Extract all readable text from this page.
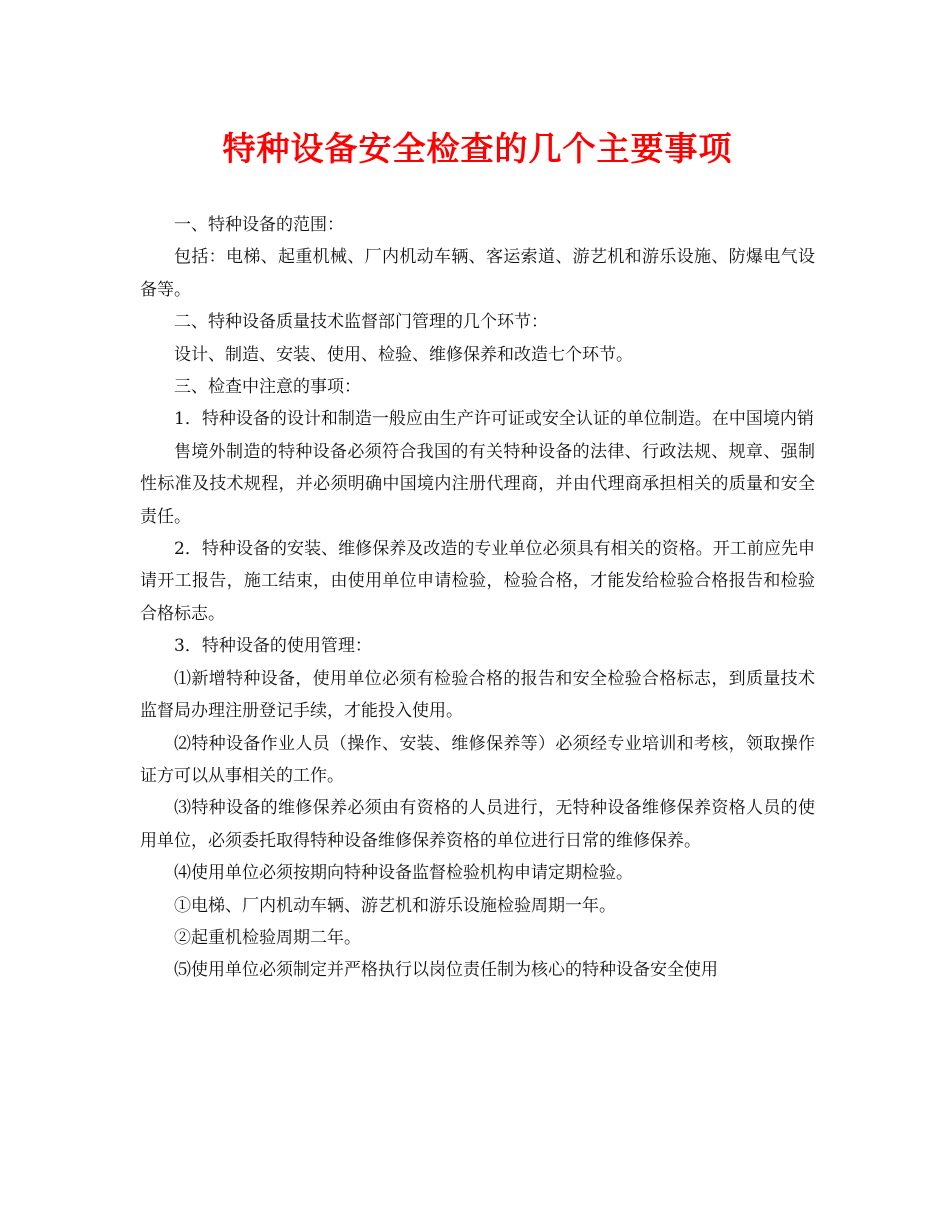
特种设备安全检查的几个主要事项

一、特种设备的范围：

包括：电梯、起重机械、厂内机动车辆、客运索道、游艺机和游乐设施、防爆电气设备等。

二、特种设备质量技术监督部门管理的几个环节：

设计、制造、安装、使用、检验、维修保养和改造七个环节。

三、检查中注意的事项：

1．特种设备的设计和制造一般应由生产许可证或安全认证的单位制造。在中国境内销

售境外制造的特种设备必须符合我国的有关特种设备的法律、行政法规、规章、强制性标准及技术规程，并必须明确中国境内注册代理商，并由代理商承担相关的质量和安全责任。

2．特种设备的安装、维修保养及改造的专业单位必须具有相关的资格。开工前应先申请开工报告，施工结束，由使用单位申请检验，检验合格，才能发给检验合格报告和检验合格标志。

3．特种设备的使用管理：

⑴新增特种设备，使用单位必须有检验合格的报告和安全检验合格标志，到质量技术监督局办理注册登记手续，才能投入使用。

⑵特种设备作业人员（操作、安装、维修保养等）必须经专业培训和考核，领取操作证方可以从事相关的工作。

⑶特种设备的维修保养必须由有资格的人员进行，无特种设备维修保养资格人员的使用单位，必须委托取得特种设备维修保养资格的单位进行日常的维修保养。

⑷使用单位必须按期向特种设备监督检验机构申请定期检验。

①电梯、厂内机动车辆、游艺机和游乐设施检验周期一年。

②起重机检验周期二年。

⑸使用单位必须制定并严格执行以岗位责任制为核心的特种设备安全使用
